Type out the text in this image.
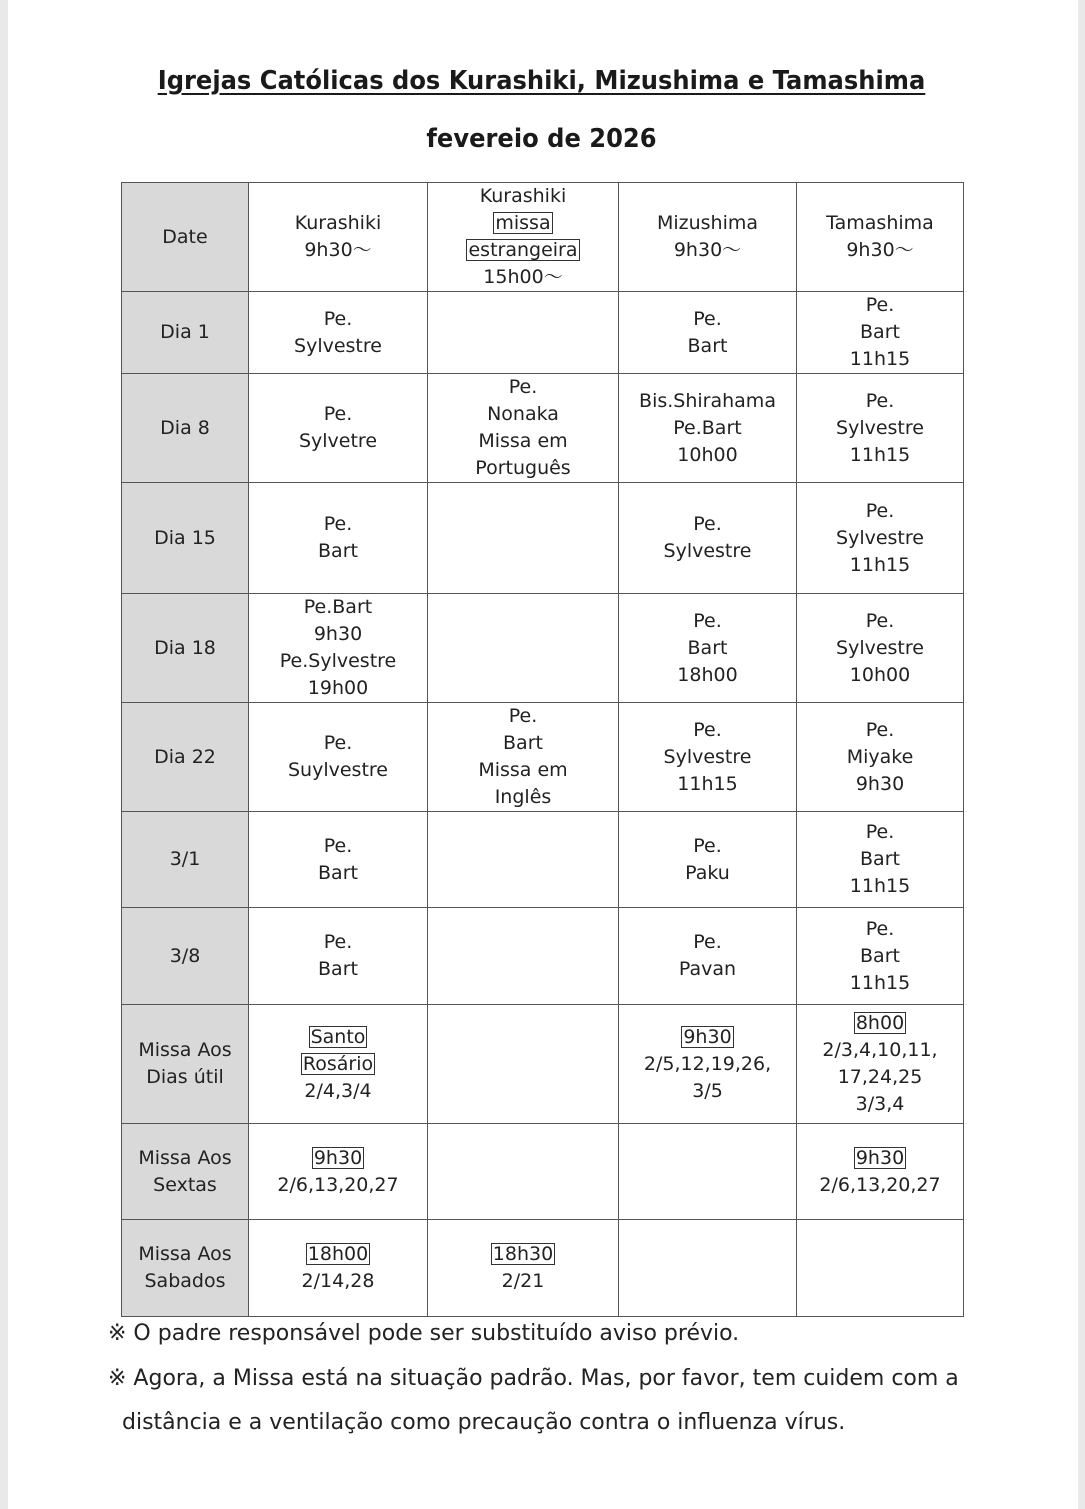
Igrejas Católicas dos Kurashiki, Mizushima e Tamashima
fevereio de 2026
Date	Kurashiki
9h30～	Kurashiki
missa
estrangeira
15h00～	Mizushima
9h30～	Tamashima
9h30～

Dia 1	Pe.
Sylvestre		Pe.
Bart	Pe.
Bart
11h15

Dia 8	Pe.
Sylvetre	Pe.
Nonaka
Missa em
Português	Bis.Shirahama
Pe.Bart
10h00	Pe.
Sylvestre
11h15

Dia 15	Pe.
Bart		Pe.
Sylvestre	Pe.
Sylvestre
11h15

Dia 18	Pe.Bart
9h30
Pe.Sylvestre
19h00		Pe.
Bart
18h00	Pe.
Sylvestre
10h00

Dia 22	Pe.
Suylvestre	Pe.
Bart
Missa em
Inglês	Pe.
Sylvestre
11h15	Pe.
Miyake
9h30

3/1	Pe.
Bart		Pe.
Paku	Pe.
Bart
11h15

3/8	Pe.
Bart		Pe.
Pavan	Pe.
Bart
11h15

Missa Aos
Dias útil	Santo
Rosário
2/4,3/4		9h30
2/5,12,19,26,
3/5	8h00
2/3,4,10,11,
17,24,25
3/3,4

Missa Aos
Sextas	9h30
2/6,13,20,27			9h30
2/6,13,20,27

Missa Aos
Sabados	18h00
2/14,28	18h30
2/21		

※ O padre responsável pode ser substituído aviso prévio.
※ Agora, a Missa está na situação padrão. Mas, por favor, tem cuidem com a
distância e a ventilação como precaução contra o influenza vírus.
